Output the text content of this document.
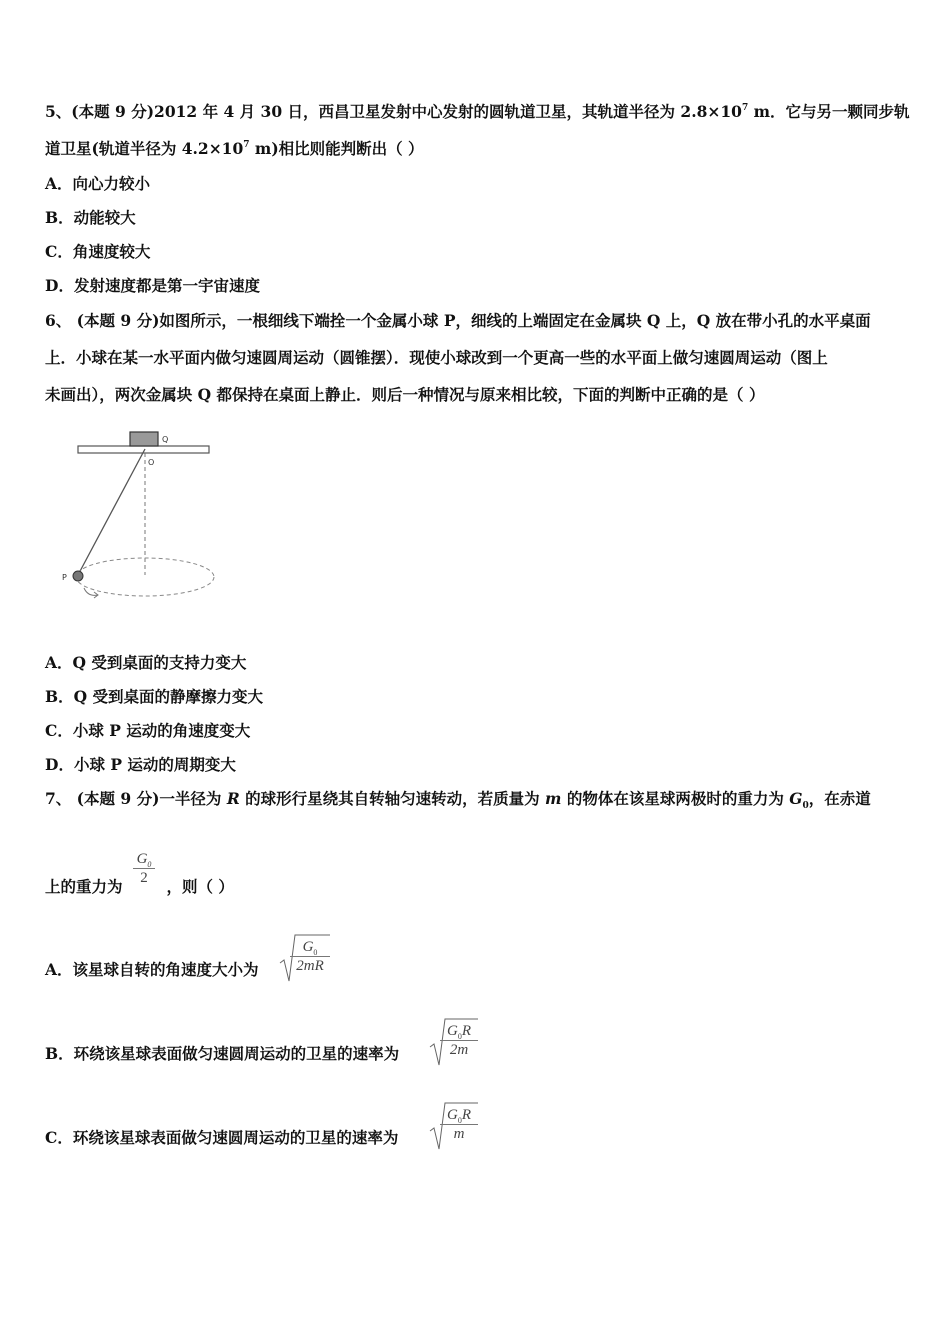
5、(本题 9 分)2012 年 4 月 30 日，西昌卫星发射中心发射的圆轨道卫星，其轨道半径为 $2.8\times 10^7$ m．它与另一颗同步轨
道卫星(轨道半径为 $4.2\times 10^7$ m)相比则能判断出（ ）
A．向心力较小
B．动能较大
C．角速度较大
D．发射速度都是第一宇宙速度
6、 (本题 9 分)如图所示，一根细线下端拴一个金属小球 P，细线的上端固定在金属块 Q 上，Q 放在带小孔的水平桌面
上．小球在某一水平面内做匀速圆周运动（圆锥摆）．现使小球改到一个更高一些的水平面上做匀速圆周运动（图上
未画出），两次金属块 Q 都保持在桌面上静止．则后一种情况与原来相比较，下面的判断中正确的是（ ）
Q
O
P
A．Q 受到桌面的支持力变大
B．Q 受到桌面的静摩擦力变大
C．小球 P 运动的角速度变大
D．小球 P 运动的周期变大
7、 (本题 9 分)一半径为 R 的球形行星绕其自转轴匀速转动，若质量为 m 的物体在该星球两极时的重力为 $G_0$，在赤道
上的重力为	，则（ ）
$\frac{G_0}{2}$
A．该星球自转的角速度大小为 $\frac{G_0}{2mR}$
B．环绕该星球表面做匀速圆周运动的卫星的速率为	$\frac{G_0R}{2m}$
C．环绕该星球表面做匀速圆周运动的卫星的速率为	$\frac{G_0R}{m}$
